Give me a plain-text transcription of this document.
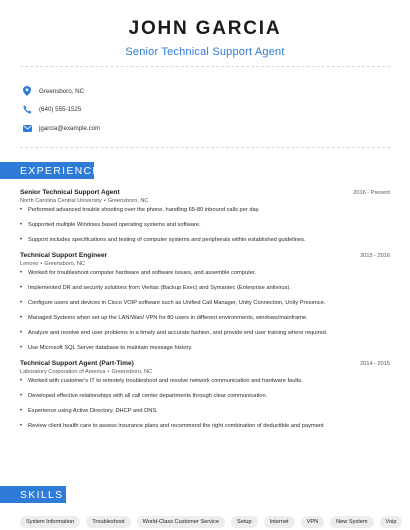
JOHN GARCIA
Senior Technical Support Agent
Greensboro, NC
(640) 555-1525
jgarcia@example.com
EXPERIENCE
Senior Technical Support Agent	2016 - Present
North Carolina Central University • Greensboro, NC
• Performed advanced trouble shooting over the phone, handling 65-80 inbound calls per day.
• Supported multiple Windows based operating systems and software.
• Support includes specifications and testing of computer systems and peripherals within established guidelines.
Technical Support Engineer	2015 - 2016
Lenovo • Greensboro, NC
• Worked for troubleshoot computer hardware and software issues, and assemble computer.
• Implemented DR and security solutions from Veritas (Backup Exec) and Symantec (Enterprise antivirus).
• Configure users and devices in Cisco VOIP software such as Unified Call Manager, Unity Connection, Unity Presence.
• Managed Systems when set up the LAN/Wan/ VPN for 80 users in different environments, windows/mainframe.
• Analyze and resolve end user problems in a timely and accurate fashion, and provide end user training where required.
• Use Microsoft SQL Server database to maintain message history.
Technical Support Agent (Part-Time)	2014 - 2015
Laboratory Corporation of America • Greensboro, NC
• Worked with customer's IT to remotely troubleshoot and resolve network communication and hardware faults.
• Developed effective relationships with all call center departments through clear communication.
• Experience using Active Directory, DHCP and DNS.
• Review client health care to assess insurance plans and recommend the right combination of deductible and payment
SKILLS
System Information	Troubleshoot	World-Class Customer Service	Setup	Internet	VPN	New System	Voip
